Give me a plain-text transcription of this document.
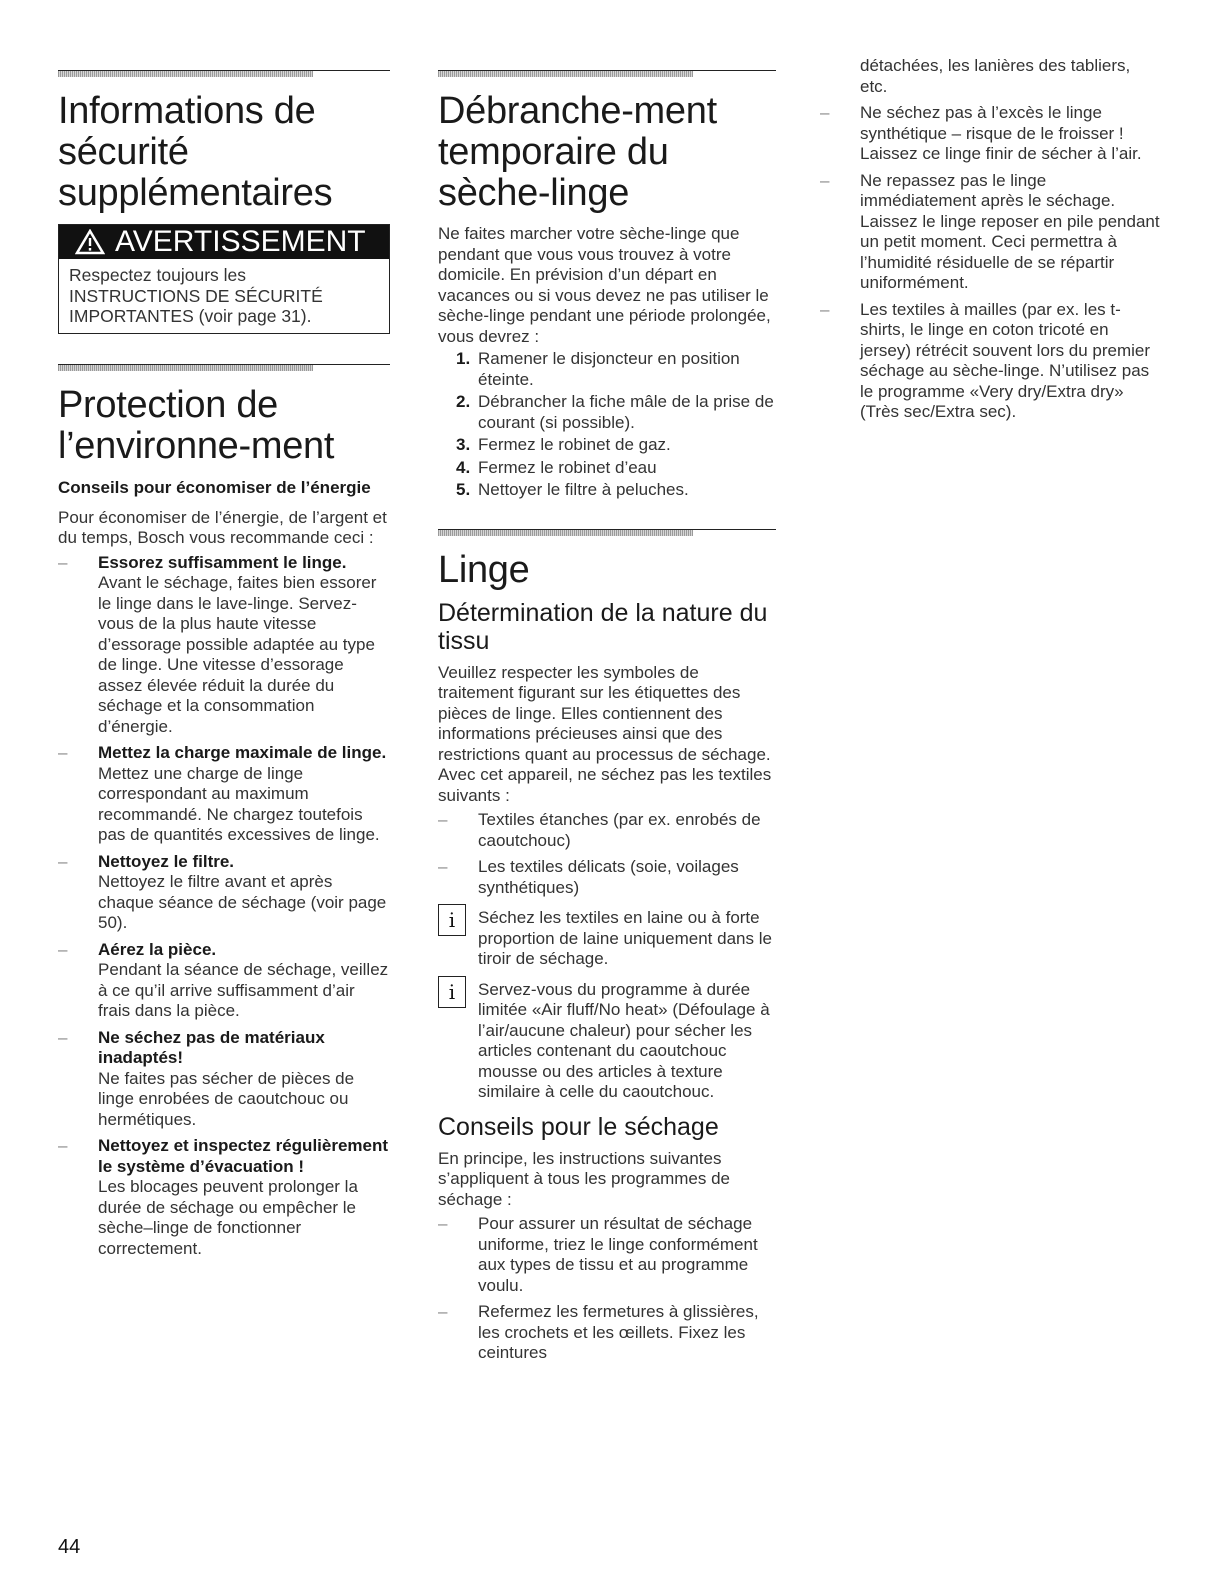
Informations de sécurité supplémentaires
AVERTISSEMENT
Respectez toujours les INSTRUCTIONS DE SÉCURITÉ IMPORTANTES (voir page 31).
Protection de l’environne-ment
Conseils pour économiser de l’énergie

Pour économiser de l’énergie, de l’argent et du temps, Bosch vous recommande ceci :

– Essorez suffisamment le linge.
Avant le séchage, faites bien essorer le linge dans le lave-linge. Servez-vous de la plus haute vitesse d’essorage possible adaptée au type de linge. Une vitesse d’essorage assez élevée réduit la durée du séchage et la consommation d’énergie.
– Mettez la charge maximale de linge.
Mettez une charge de linge correspondant au maximum recommandé. Ne chargez toutefois pas de quantités excessives de linge.
– Nettoyez le filtre.
Nettoyez le filtre avant et après chaque séance de séchage (voir page 50).
– Aérez la pièce.
Pendant la séance de séchage, veillez à ce qu’il arrive suffisamment d’air frais dans la pièce.
– Ne séchez pas de matériaux inadaptés!
Ne faites pas sécher de pièces de linge enrobées de caoutchouc ou hermétiques.
– Nettoyez et inspectez régulièrement le système d’évacuation !
Les blocages peuvent prolonger la durée de séchage ou empêcher le sèche–linge de fonctionner correctement.
Débranche-ment temporaire du sèche-linge

Ne faites marcher votre sèche-linge que pendant que vous vous trouvez à votre domicile. En prévision d’un départ en vacances ou si vous devez ne pas utiliser le sèche-linge pendant une période prolongée, vous devrez :

1. Ramener le disjoncteur en position éteinte.
2. Débrancher la fiche mâle de la prise de courant (si possible).
3. Fermez le robinet de gaz.
4. Fermez le robinet d’eau
5. Nettoyer le filtre à peluches.
Linge
Détermination de la nature du tissu

Veuillez respecter les symboles de traitement figurant sur les étiquettes des pièces de linge. Elles contiennent des informations précieuses ainsi que des restrictions quant au processus de séchage.

Avec cet appareil, ne séchez pas les textiles suivants :

– Textiles étanches (par ex. enrobés de caoutchouc)
– Les textiles délicats (soie, voilages synthétiques)
i	Séchez les textiles en laine ou à forte proportion de laine uniquement dans le tiroir de séchage.
i	Servez-vous du programme à durée limitée «Air fluff/No heat» (Défoulage à l’air/aucune chaleur) pour sécher les articles contenant du caoutchouc mousse ou des articles à texture similaire à celle du caoutchouc.
Conseils pour le séchage

En principe, les instructions suivantes s’appliquent à tous les programmes de séchage :

– Pour assurer un résultat de séchage uniforme, triez le linge conformément aux types de tissu et au programme voulu.
– Refermez les fermetures à glissières, les crochets et les œillets. Fixez les ceintures

détachées, les lanières des tabliers, etc.

– Ne séchez pas à l’excès le linge synthétique – risque de le froisser ! Laissez ce linge finir de sécher à l’air.
– Ne repassez pas le linge immédiatement après le séchage. Laissez le linge reposer en pile pendant un petit moment. Ceci permettra à l’humidité résiduelle de se répartir uniformément.
– Les textiles à mailles (par ex. les t-shirts, le linge en coton tricoté en jersey) rétrécit souvent lors du premier séchage au sèche-linge. N’utilisez pas le programme «Very dry/Extra dry» (Très sec/Extra sec).
44
